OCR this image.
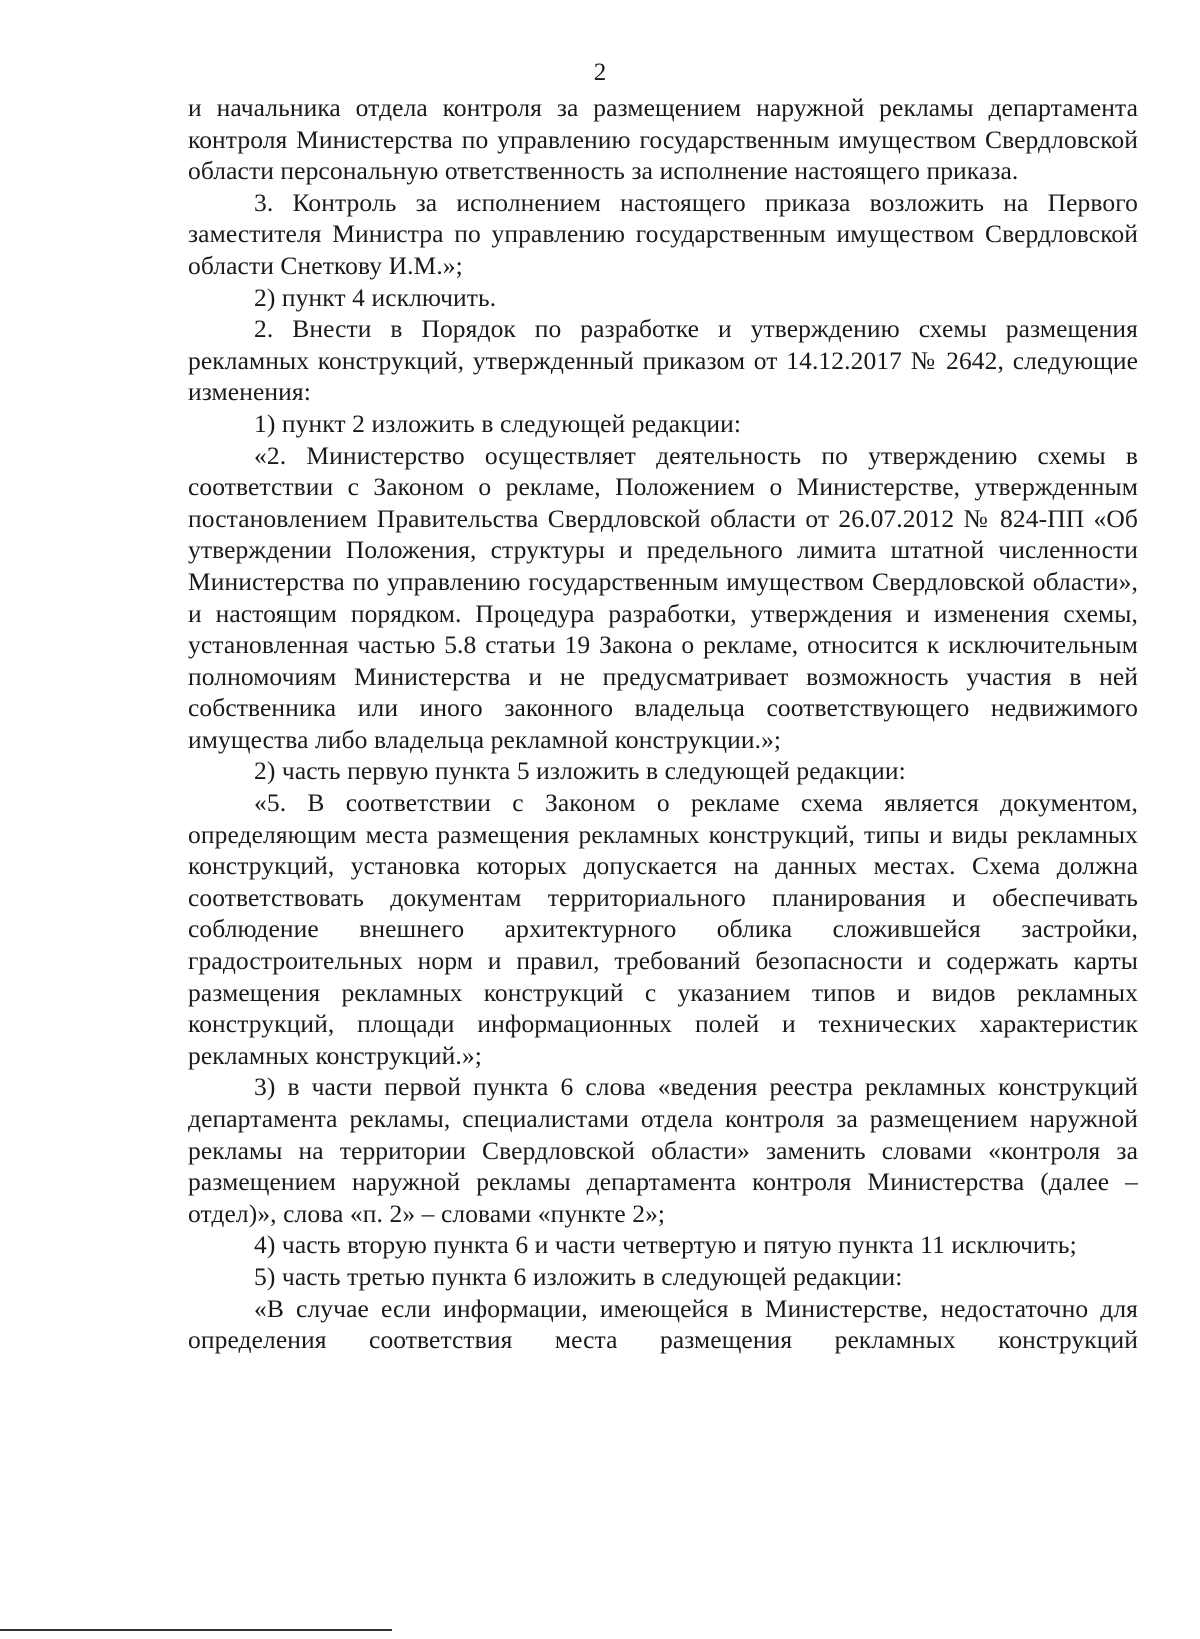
2

и начальника отдела контроля за размещением наружной рекламы департамента контроля Министерства по управлению государственным имуществом Свердловской области персональную ответственность за исполнение настоящего приказа.

3. Контроль за исполнением настоящего приказа возложить на Первого заместителя Министра по управлению государственным имуществом Свердловской области Снеткову И.М.»;

2) пункт 4 исключить.

2. Внести в Порядок по разработке и утверждению схемы размещения рекламных конструкций, утвержденный приказом от 14.12.2017 № 2642, следующие изменения:

1) пункт 2 изложить в следующей редакции:

«2. Министерство осуществляет деятельность по утверждению схемы в соответствии с Законом о рекламе, Положением о Министерстве, утвержденным постановлением Правительства Свердловской области от 26.07.2012 № 824-ПП «Об утверждении Положения, структуры и предельного лимита штатной численности Министерства по управлению государственным имуществом Свердловской области», и настоящим порядком. Процедура разработки, утверждения и изменения схемы, установленная частью 5.8 статьи 19 Закона о рекламе, относится к исключительным полномочиям Министерства и не предусматривает возможность участия в ней собственника или иного законного владельца соответствующего недвижимого имущества либо владельца рекламной конструкции.»;

2) часть первую пункта 5 изложить в следующей редакции:

«5. В соответствии с Законом о рекламе схема является документом, определяющим места размещения рекламных конструкций, типы и виды рекламных конструкций, установка которых допускается на данных местах. Схема должна соответствовать документам территориального планирования и обеспечивать соблюдение внешнего архитектурного облика сложившейся застройки, градостроительных норм и правил, требований безопасности и содержать карты размещения рекламных конструкций с указанием типов и видов рекламных конструкций, площади информационных полей и технических характеристик рекламных конструкций.»;

3) в части первой пункта 6 слова «ведения реестра рекламных конструкций департамента рекламы, специалистами отдела контроля за размещением наружной рекламы на территории Свердловской области» заменить словами «контроля за размещением наружной рекламы департамента контроля Министерства (далее – отдел)», слова «п. 2» – словами «пункте 2»;

4) часть вторую пункта 6 и части четвертую и пятую пункта 11 исключить;

5) часть третью пункта 6 изложить в следующей редакции:

«В случае если информации, имеющейся в Министерстве, недостаточно для определения соответствия места размещения рекламных конструкций
